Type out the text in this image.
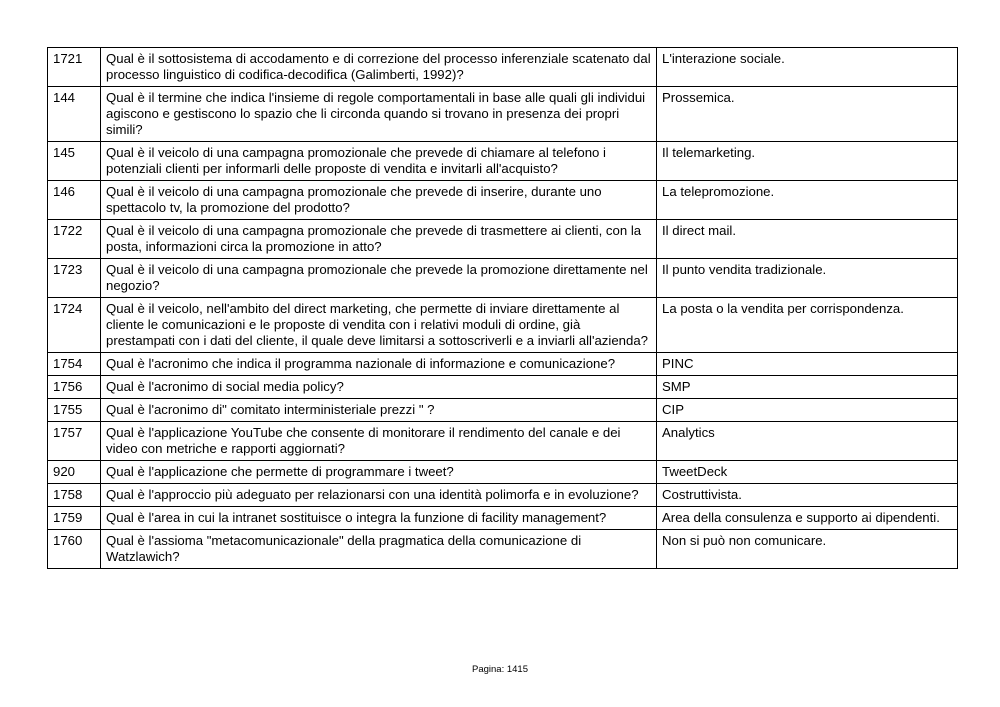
1721	Qual è il sottosistema di accodamento e di correzione del processo inferenziale scatenato dal processo linguistico di codifica-decodifica (Galimberti, 1992)?	L'interazione sociale.
144	Qual è il termine che indica l'insieme di regole comportamentali in base alle quali gli individui agiscono e gestiscono lo spazio che li circonda quando si trovano in presenza dei propri simili?	Prossemica.
145	Qual è il veicolo di una campagna promozionale che prevede di chiamare al telefono i potenziali clienti per informarli delle proposte di vendita e invitarli all'acquisto?	Il telemarketing.
146	Qual è il veicolo di una campagna promozionale che prevede di inserire, durante uno spettacolo tv, la promozione del prodotto?	La telepromozione.
1722	Qual è il veicolo di una campagna promozionale che prevede di trasmettere ai clienti, con la posta, informazioni circa la promozione in atto?	Il direct mail.
1723	Qual è il veicolo di una campagna promozionale che prevede la promozione direttamente nel negozio?	Il punto vendita tradizionale.
1724	Qual è il veicolo, nell'ambito del direct marketing, che permette di inviare direttamente al cliente le comunicazioni e le proposte di vendita con i relativi moduli di ordine, già prestampati con i dati del cliente, il quale deve limitarsi a sottoscriverli e a inviarli all'azienda?	La posta o la vendita per corrispondenza.
1754	Qual è l'acronimo che indica il programma nazionale di informazione e comunicazione?	PINC
1756	Qual è l'acronimo di social media policy?	SMP
1755	Qual è l'acronimo di" comitato interministeriale prezzi " ?	CIP
1757	Qual è l'applicazione YouTube che consente di monitorare il rendimento del canale e dei video con metriche e rapporti aggiornati?	Analytics
920	Qual è l'applicazione che permette di programmare i tweet?	TweetDeck
1758	Qual è l'approccio più adeguato per relazionarsi con una identità polimorfa e in evoluzione?	Costruttivista.
1759	Qual è l'area in cui la intranet sostituisce o integra la funzione di facility management?	Area della consulenza e supporto ai dipendenti.
1760	Qual è l'assioma "metacomunicazionale" della pragmatica della comunicazione di Watzlawich?	Non si può non comunicare.
Pagina: 1415
